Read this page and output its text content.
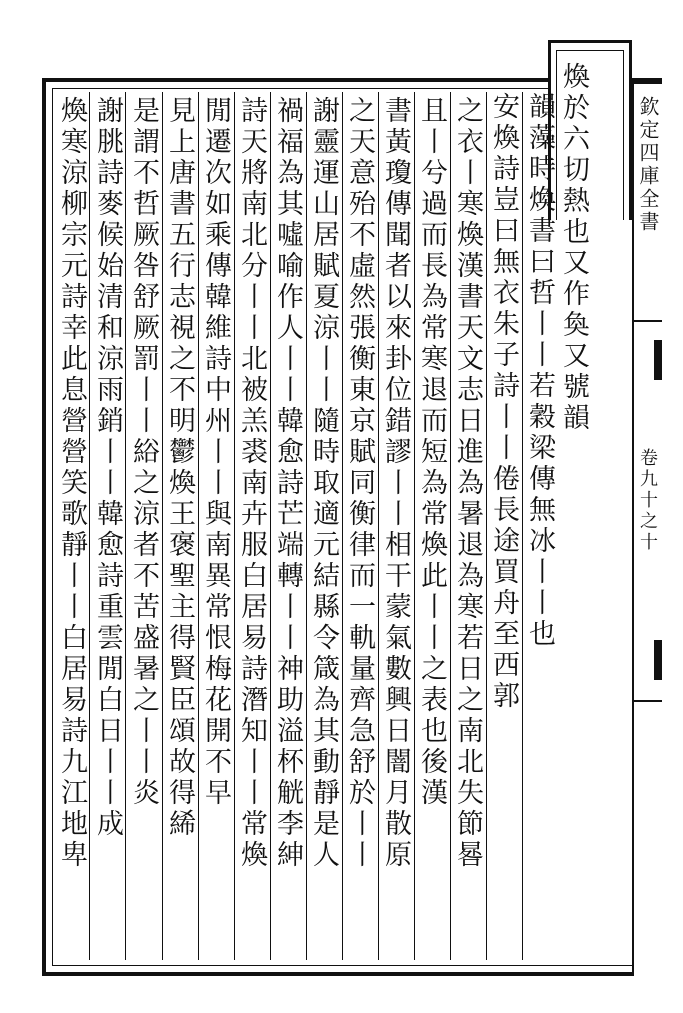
欽定四庫全書
卷九十之十
煥於六切熱也又作奐又號韻
韻藻時煥書曰哲丨丨若穀梁傳無冰丨丨也
安煥詩豈曰無衣朱子詩丨丨倦長途買舟至西郭
之衣丨寒煥漢書天文志日進為暑退為寒若日之南北失節晷
且丨兮過而長為常寒退而短為常煥此丨丨之表也後漢
書黃瓊傳聞者以來卦位錯謬丨丨相干蒙氣數興日闇月散原
之天意殆不虛然張衡東京賦同衡律而一軌量齊急舒於丨丨
謝靈運山居賦夏涼丨丨隨時取適元結縣令箴為其動靜是人
禍福為其噓喻作人丨丨韓愈詩芒端轉丨丨神助溢杯觥李紳
詩天將南北分丨丨北被羔裘南卉服白居易詩潛知丨丨常煥
閒遷次如乘傳韓維詩中州丨丨與南異常恨梅花開不早
見上唐書五行志視之不明鬱煥王褒聖主得賢臣頌故得絺
是謂不哲厥咎舒厥罰丨丨綌之涼者不苦盛暑之丨丨炎
謝朓詩麥候始清和涼雨銷丨丨韓愈詩重雲閒白日丨丨成
煥寒涼柳宗元詩幸此息營營笑歌靜丨丨白居易詩九江地卑
